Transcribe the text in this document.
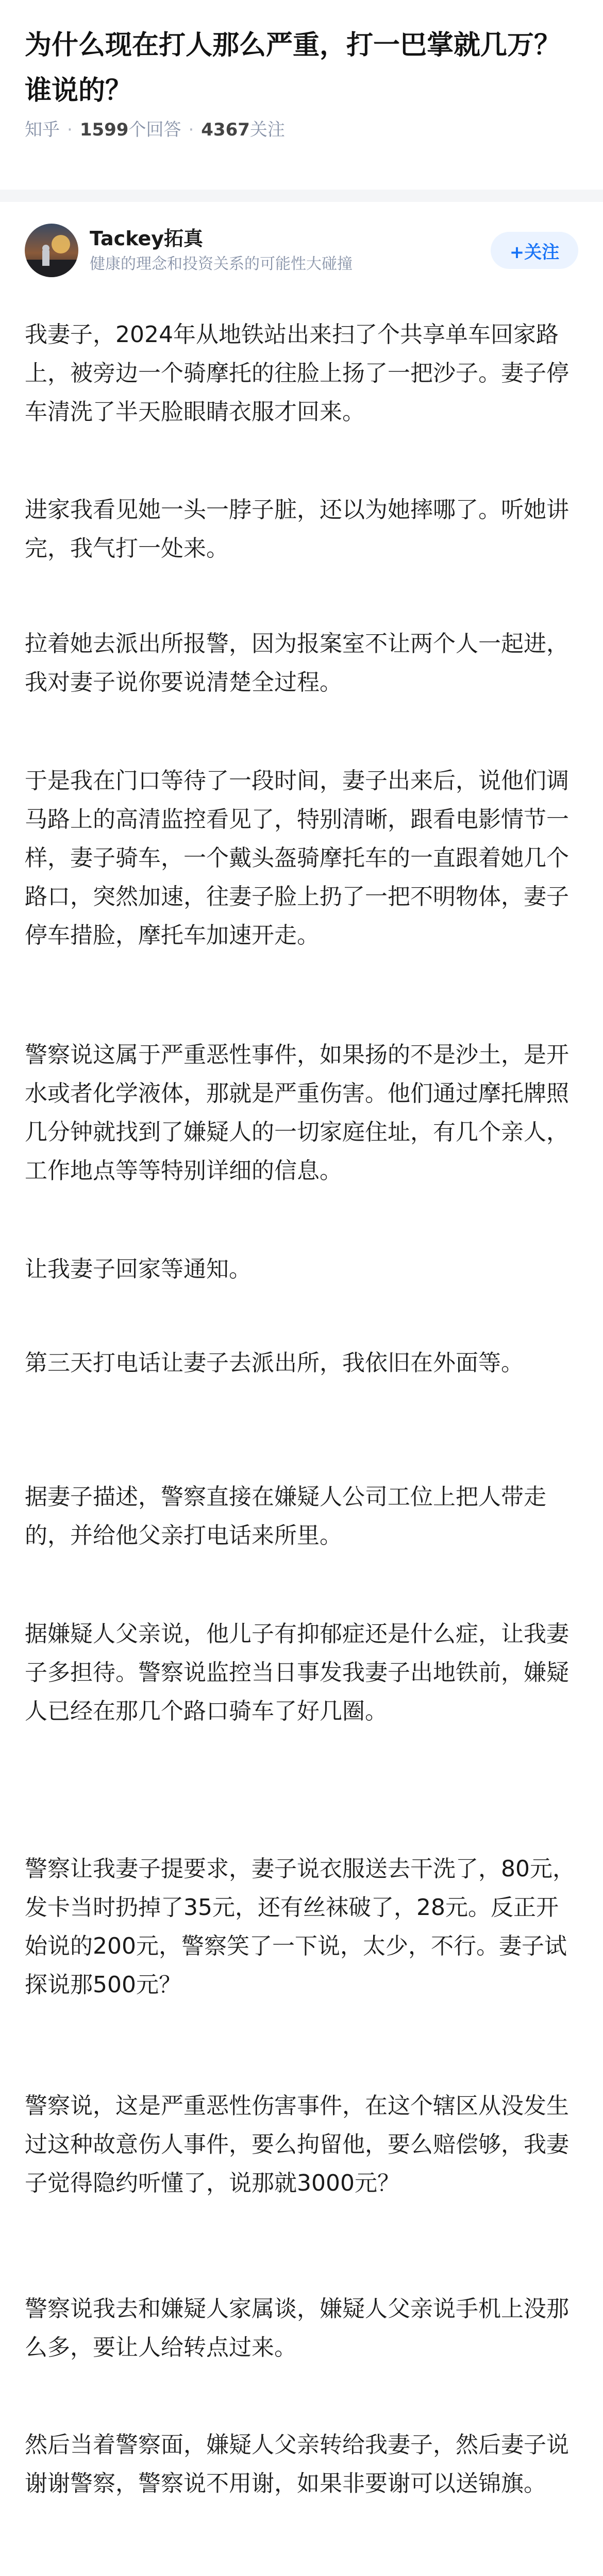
为什么现在打人那么严重，打一巴掌就几万？谁说的？
知乎 · 1599 个回答 · 4367 关注
Tackey拓真
健康的理念和投资关系的可能性大碰撞
+关注

我妻子，2024年从地铁站出来扫了个共享单车回家路上，被旁边一个骑摩托的往脸上扬了一把沙子。妻子停车清洗了半天脸眼睛衣服才回来。

进家我看见她一头一脖子脏，还以为她摔哪了。听她讲完，我气打一处来。

拉着她去派出所报警，因为报案室不让两个人一起进，我对妻子说你要说清楚全过程。

于是我在门口等待了一段时间，妻子出来后，说他们调马路上的高清监控看见了，特别清晰，跟看电影情节一样，妻子骑车，一个戴头盔骑摩托车的一直跟着她几个路口，突然加速，往妻子脸上扔了一把不明物体，妻子停车措脸，摩托车加速开走。

警察说这属于严重恶性事件，如果扬的不是沙土，是开水或者化学液体，那就是严重伤害。他们通过摩托牌照几分钟就找到了嫌疑人的一切家庭住址，有几个亲人，工作地点等等特别详细的信息。

让我妻子回家等通知。

第三天打电话让妻子去派出所，我依旧在外面等。

据妻子描述，警察直接在嫌疑人公司工位上把人带走的，并给他父亲打电话来所里。

据嫌疑人父亲说，他儿子有抑郁症还是什么症，让我妻子多担待。警察说监控当日事发我妻子出地铁前，嫌疑人已经在那几个路口骑车了好几圈。

警察让我妻子提要求，妻子说衣服送去干洗了，80元，发卡当时扔掉了35元，还有丝袜破了，28元。反正开始说的200元，警察笑了一下说，太少，不行。妻子试探说那500元？

警察说，这是严重恶性伤害事件，在这个辖区从没发生过这种故意伤人事件，要么拘留他，要么赔偿够，我妻子觉得隐约听懂了，说那就3000元？

警察说我去和嫌疑人家属谈，嫌疑人父亲说手机上没那么多，要让人给转点过来。

然后当着警察面，嫌疑人父亲转给我妻子，然后妻子说谢谢警察，警察说不用谢，如果非要谢可以送锦旗。
